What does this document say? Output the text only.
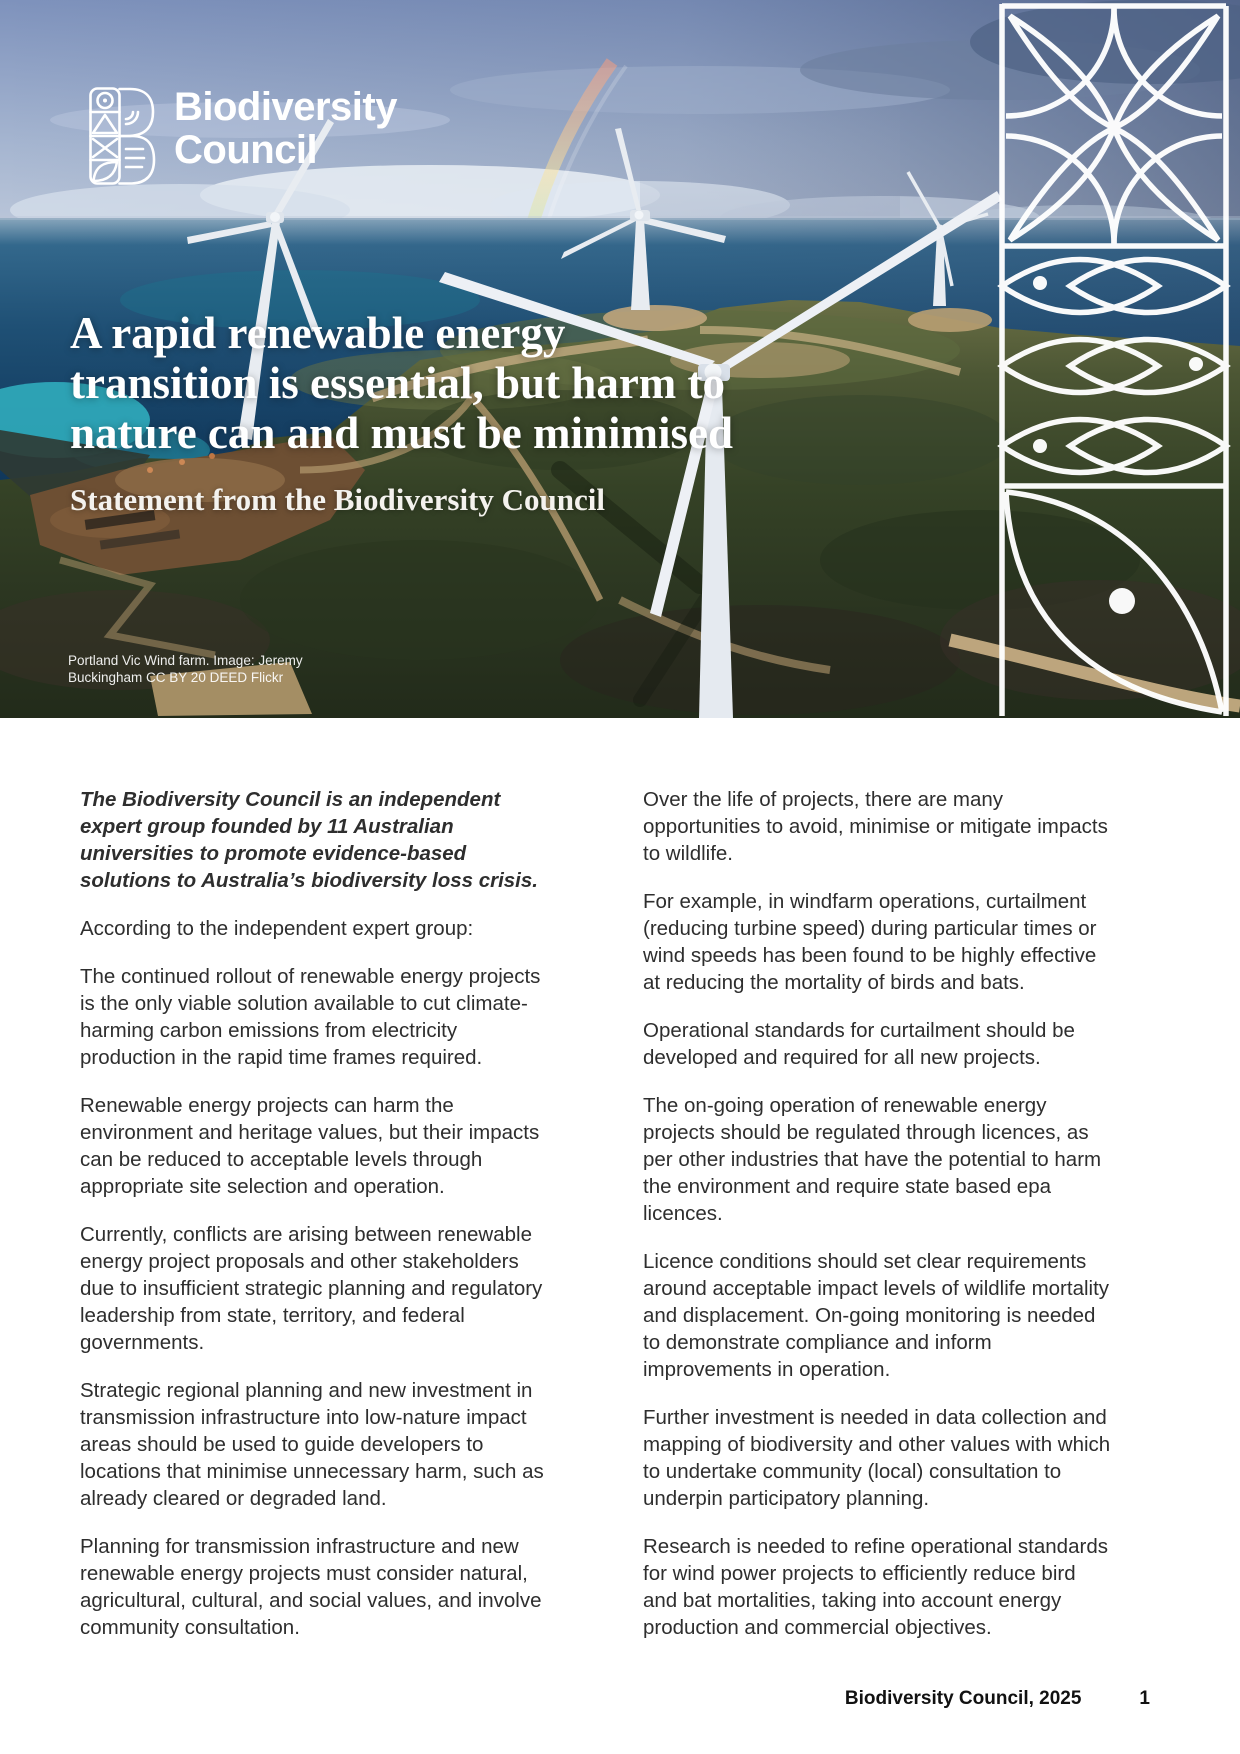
Biodiversity
Council
A rapid renewable energy
transition is essential, but harm to
nature can and must be minimised
Statement from the Biodiversity Council
Portland Vic Wind farm. Image: Jeremy
Buckingham CC BY 20 DEED Flickr

The Biodiversity Council is an independent expert group founded by 11 Australian universities to promote evidence-based solutions to Australia’s biodiversity loss crisis.

According to the independent expert group:

The continued rollout of renewable energy projects is the only viable solution available to cut climate-harming carbon emissions from electricity production in the rapid time frames required.

Renewable energy projects can harm the environment and heritage values, but their impacts can be reduced to acceptable levels through appropriate site selection and operation.

Currently, conflicts are arising between renewable energy project proposals and other stakeholders due to insufficient strategic planning and regulatory leadership from state, territory, and federal governments.

Strategic regional planning and new investment in transmission infrastructure into low-nature impact areas should be used to guide developers to locations that minimise unnecessary harm, such as already cleared or degraded land.

Planning for transmission infrastructure and new renewable energy projects must consider natural, agricultural, cultural, and social values, and involve community consultation.

Over the life of projects, there are many opportunities to avoid, minimise or mitigate impacts to wildlife.

For example, in windfarm operations, curtailment (reducing turbine speed) during particular times or wind speeds has been found to be highly effective at reducing the mortality of birds and bats.

Operational standards for curtailment should be developed and required for all new projects.

The on-going operation of renewable energy projects should be regulated through licences, as per other industries that have the potential to harm the environment and require state based epa licences.

Licence conditions should set clear requirements around acceptable impact levels of wildlife mortality and displacement. On-going monitoring is needed to demonstrate compliance and inform improvements in operation.

Further investment is needed in data collection and mapping of biodiversity and other values with which to undertake community (local) consultation to underpin participatory planning.

Research is needed to refine operational standards for wind power projects to efficiently reduce bird and bat mortalities, taking into account energy production and commercial objectives.

Biodiversity Council, 2025	1
